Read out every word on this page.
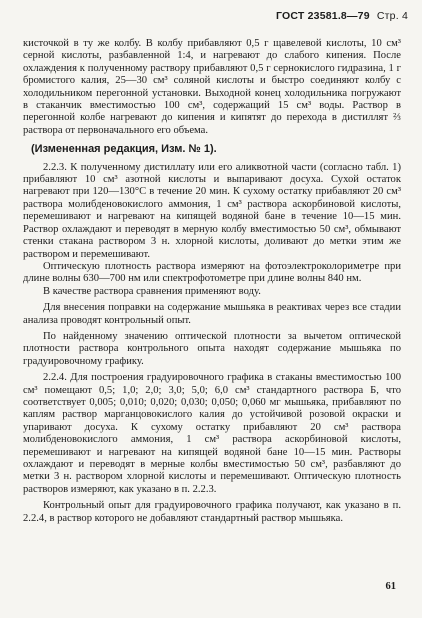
ГОСТ 23581.8—79 Стр. 4

кисточкой в ту же колбу. В колбу прибавляют 0,5 г щавелевой кислоты, 10 см³ серной кислоты, разбавленной 1:4, и нагревают до слабого кипения. После охлаждения к полученному раствору прибавляют 0,5 г сернокислого гидразина, 1 г бромистого калия, 25—30 см³ соляной кислоты и быстро соединяют колбу с холодильником перегонной установки. Выходной конец холодильника погружают в стаканчик вместимостью 100 см³, содержащий 15 см³ воды. Раствор в перегонной колбе нагревают до кипения и кипятят до перехода в дистиллят ⅔ раствора от первоначального его объема.

(Измененная редакция, Изм. № 1).

2.2.3. К полученному дистиллату или его аликвотной части (согласно табл. 1) прибавляют 10 см³ азотной кислоты и выпаривают досуха. Сухой остаток нагревают при 120—130°С в течение 20 мин. К сухому остатку прибавляют 20 см³ раствора молибденовокислого аммония, 1 см³ раствора аскорбиновой кислоты, перемешивают и нагревают на кипящей водяной бане в течение 10—15 мин. Раствор охлаждают и переводят в мерную колбу вместимостью 50 см³, обмывают стенки стакана раствором 3 н. хлорной кислоты, доливают до метки этим же раствором и перемешивают.

Оптическую плотность раствора измеряют на фотоэлектроколориметре при длине волны 630—700 нм или спектрофотометре при длине волны 840 нм.

В качестве раствора сравнения применяют воду.

Для внесения поправки на содержание мышьяка в реактивах через все стадии анализа проводят контрольный опыт.

По найденному значению оптической плотности за вычетом оптической плотности раствора контрольного опыта находят содержание мышьяка по градуировочному графику.

2.2.4. Для построения градуировочного графика в стаканы вместимостью 100 см³ помещают 0,5; 1,0; 2,0; 3,0; 5,0; 6,0 см³ стандартного раствора Б, что соответствует 0,005; 0,010; 0,020; 0,030; 0,050; 0,060 мг мышьяка, прибавляют по каплям раствор марганцовокислого калия до устойчивой розовой окраски и упаривают досуха. К сухому остатку прибавляют 20 см³ раствора молибденовокислого аммония, 1 см³ раствора аскорбиновой кислоты, перемешивают и нагревают на кипящей водяной бане 10—15 мин. Растворы охлаждают и переводят в мерные колбы вместимостью 50 см³, разбавляют до метки 3 н. раствором хлорной кислоты и перемешивают. Оптическую плотность растворов измеряют, как указано в п. 2.2.3.

Контрольный опыт для градуировочного графика получают, как указано в п. 2.2.4, в раствор которого не добавляют стандартный раствор мышьяка.

61
